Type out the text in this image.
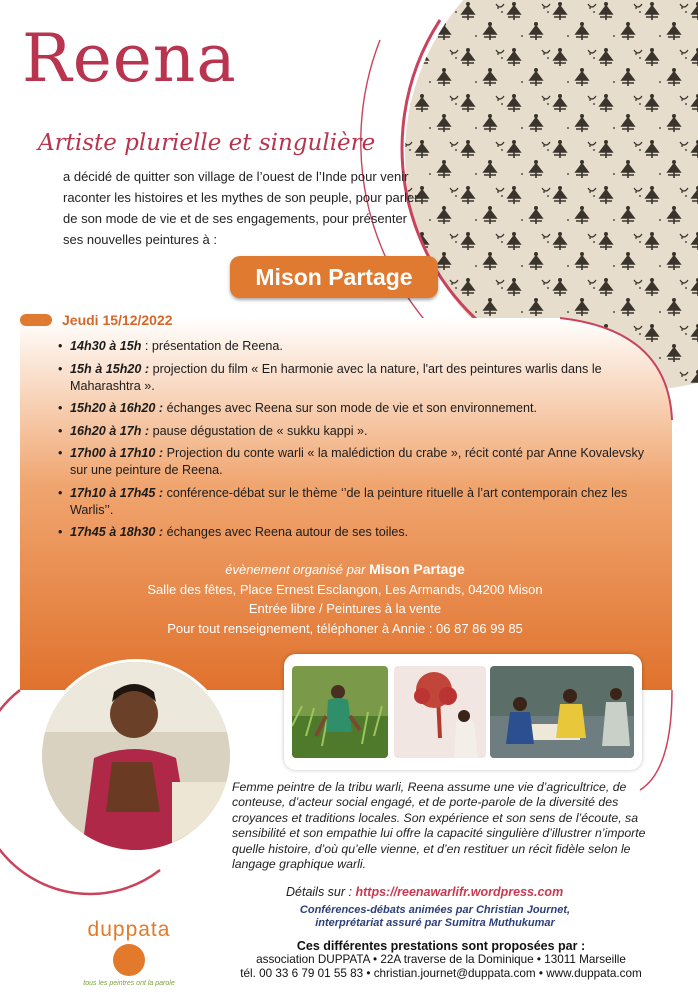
Reena
Artiste plurielle et singulière
a décidé de quitter son village de l’ouest de l’Inde pour venir raconter les histoires et les mythes de son peuple, pour parler de son mode de vie et de ses engagements, pour présenter ses nouvelles peintures à :
Mison Partage
Jeudi 15/12/2022
• 14h30 à 15h : présentation de Reena.
• 15h à 15h20 : projection du film « En harmonie avec la nature, l'art des peintures warlis dans le Maharashtra ».
• 15h20 à 16h20 : échanges avec Reena sur son mode de vie et son environnement.
• 16h20 à 17h : pause dégustation de « sukku kappi ».
• 17h00 à 17h10 : Projection du conte warli « la malédiction du crabe », récit conté par Anne Kovalevsky sur une peinture de Reena.
• 17h10 à 17h45 : conférence-débat sur le thème ‘’de la peinture rituelle à l’art contemporain chez les Warlis’’.
• 17h45 à 18h30 : échanges avec Reena autour de ses toiles.
évènement organisé par Mison Partage
Salle des fêtes, Place Ernest Esclangon, Les Armands, 04200 Mison
Entrée libre / Peintures à la vente
Pour tout renseignement, téléphoner à Annie : 06 87 86 99 85
Femme peintre de la tribu warli, Reena assume une vie d’agricultrice, de conteuse, d’acteur social engagé, et de porte-parole de la diversité des croyances et traditions locales. Son expérience et son sens de l’écoute, sa sensibilité et son empathie lui offre la capacité singulière d’illustrer n’importe quelle histoire, d’où qu’elle vienne, et d’en restituer un récit fidèle selon le langage graphique warli.
Détails sur : https://reenawarlifr.wordpress.com
Conférences-débats animées par Christian Journet,
interprétariat assuré par Sumitra Muthukumar
Ces différentes prestations sont proposées par :
association DUPPATA • 22A traverse de la Dominique • 13011 Marseille
tél. 00 33 6 79 01 55 83 • christian.journet@duppata.com • www.duppata.com
duppata
tous les peintres ont la parole
